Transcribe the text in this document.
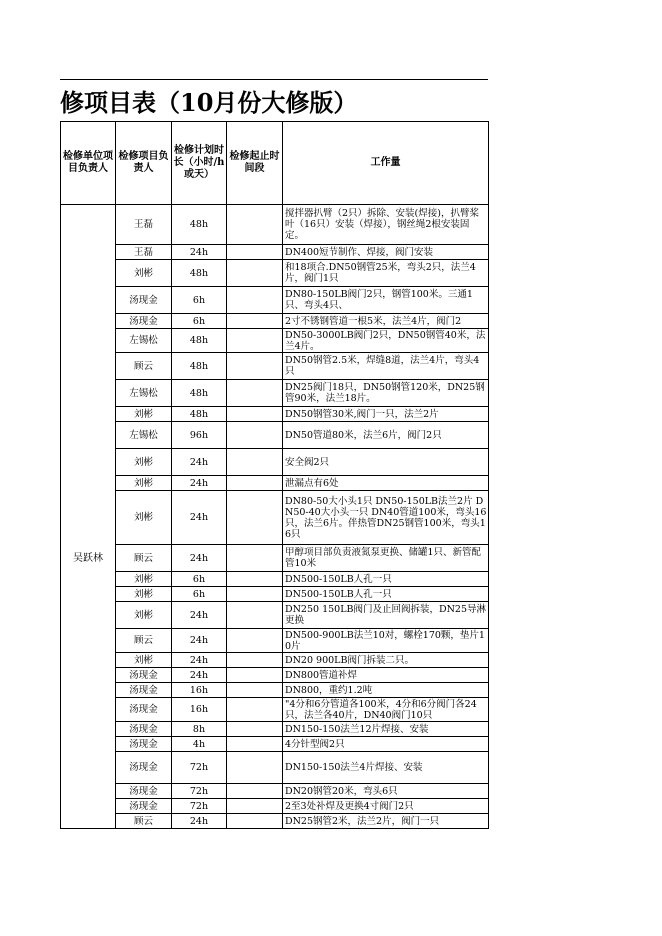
修项目表（10月份大修版）
检修单位项目负责人	检修项目负责人	检修计划时长（小时/h或天）	检修起止时间段	工作量

吴跃林	王磊	48h		搅拌器扒臂（2只）拆除、安装(焊接)，扒臂桨叶（16只）安装（焊接），钢丝绳2根安装固定。
	王磊	24h		DN400短节制作、焊接，阀门安装
	刘彬	48h		和18项合.DN50钢管25米，弯头2只，法兰4片，阀门1只
	汤现金	6h		DN80-150LB阀门2只，钢管100米。三通1只、弯头4只、
	汤现金	6h		2寸不锈钢管道一根5米，法兰4片，阀门2
	左锡松	48h		DN50-3000LB阀门2只，DN50钢管40米，法兰4片。
	顾云	48h		DN50钢管2.5米，焊缝8道，法兰4片，弯头4只
	左锡松	48h		DN25阀门18只，DN50钢管120米，DN25钢管90米，法兰18片。
	刘彬	48h		DN50钢管30米,阀门一只，法兰2片
	左锡松	96h		DN50管道80米，法兰6片，阀门2只
	刘彬	24h		安全阀2只
	刘彬	24h		泄漏点有6处
	刘彬	24h		DN80-50大小头1只 DN50-150LB法兰2片 DN50-40大小头一只 DN40管道100米，弯头16只，法兰6片。伴热管DN25钢管100米，弯头16只
	顾云	24h		甲醇项目部负责液氮泵更换、储罐1只、新管配管10米
	刘彬	6h		DN500-150LB人孔一只
	刘彬	6h		DN500-150LB人孔一只
	刘彬	24h		DN250 150LB阀门及止回阀拆装，DN25导淋更换
	顾云	24h		DN500-900LB法兰10对，螺栓170颗，垫片10片
	刘彬	24h		DN20 900LB阀门拆装二只。
	汤现金	24h		DN800管道补焊
	汤现金	16h		DN800，重约1.2吨
	汤现金	16h		"4分和6分管道各100米，4分和6分阀门各24只，法兰各40片，DN40阀门10只
	汤现金	8h		DN150-150法兰12片焊接、安装
	汤现金	4h		4分针型阀2只
	汤现金	72h		DN150-150法兰4片焊接、安装
	汤现金	72h		DN20钢管20米，弯头6只
	汤现金	72h		2至3处补焊及更换4寸阀门2只
	顾云	24h		DN25钢管2米，法兰2片，阀门一只
